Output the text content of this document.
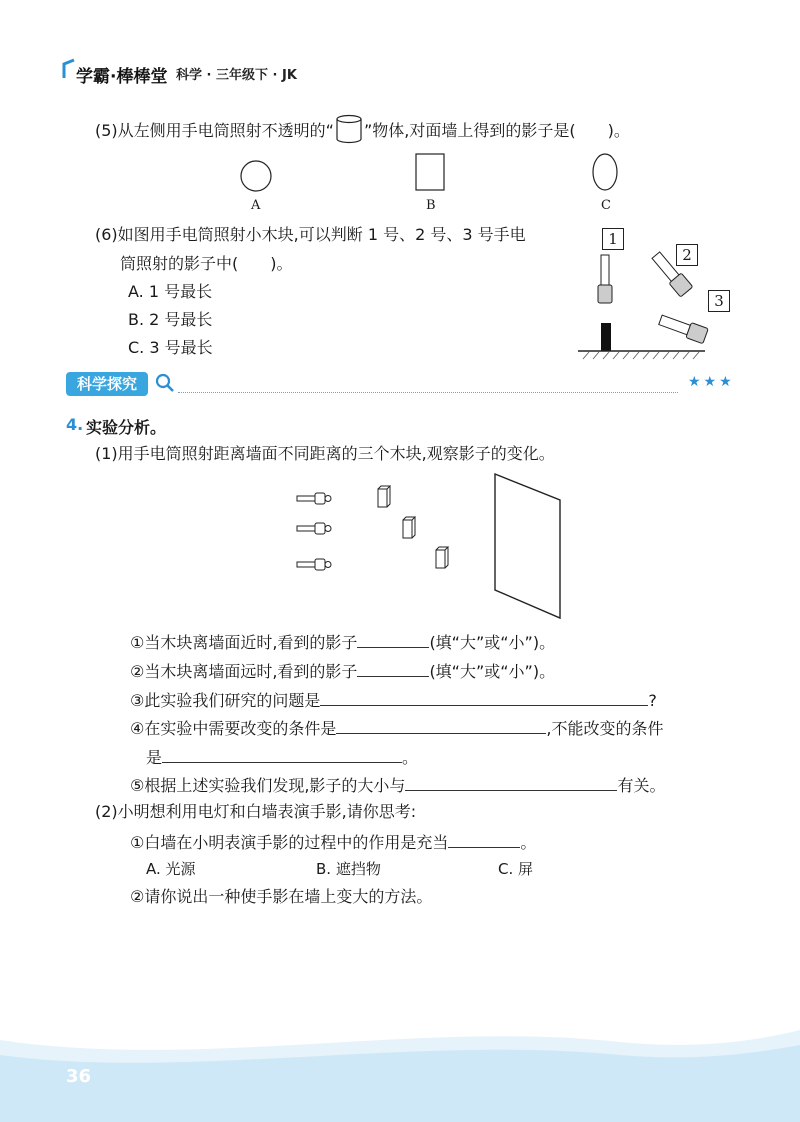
学霸·棒棒堂 科学 · 三年级下 · JK
(5)从左侧用手电筒照射不透明的“ ”物体,对面墙上得到的影子是(　　)。
A	B	C
(6)如图用手电筒照射小木块,可以判断 1 号、2 号、3 号手电
筒照射的影子中(　　)。
A. 1 号最长
B. 2 号最长
C. 3 号最长
1
2
3
科学探究	★★★
4. 实验分析。
(1)用手电筒照射距离墙面不同距离的三个木块,观察影子的变化。
①当木块离墙面近时,看到的影子	(填“大”或“小”)。
②当木块离墙面远时,看到的影子	(填“大”或“小”)。
③此实验我们研究的问题是	?
④在实验中需要改变的条件是	,不能改变的条件
是	。
⑤根据上述实验我们发现,影子的大小与	有关。
(2)小明想利用电灯和白墙表演手影,请你思考:
①白墙在小明表演手影的过程中的作用是充当	。
A. 光源	B. 遮挡物	C. 屏
②请你说出一种使手影在墙上变大的方法。
36
